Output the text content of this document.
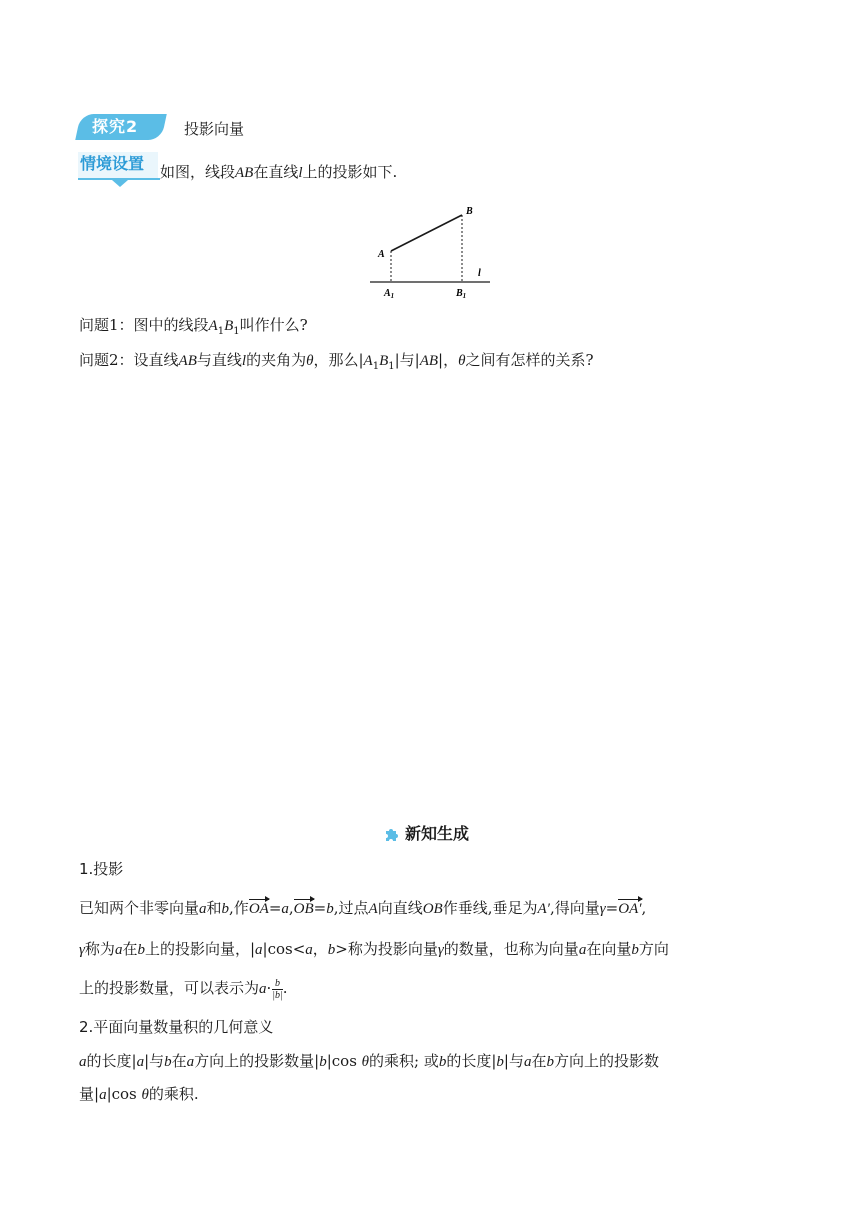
探究2	投影向量
情境设置 如图，线段AB在直线l上的投影如下.
A
B
$A_1$	$B_1$
l
问题1：图中的线段$A_1B_1$叫作什么?
问题2：设直线AB与直线l的夹角为θ，那么$|A_1B_1|$与|AB|，θ之间有怎样的关系?
新知生成
1.投影
已知两个非零向量a和b,作OA=a,OB=b,过点A向直线OB作垂线,垂足为A′,得向量γ=OA′,
γ称为a在b上的投影向量，|a|cos<a，b>称为投影向量γ的数量，也称为向量a在向量b方向
上的投影数量，可以表示为$a\cdot \frac{b}{|b|}$ .
2.平面向量数量积的几何意义
a的长度|a|与b在a方向上的投影数量|b|cos θ的乘积; 或b的长度|b|与a在b方向上的投影数
量|a|cos θ的乘积.
